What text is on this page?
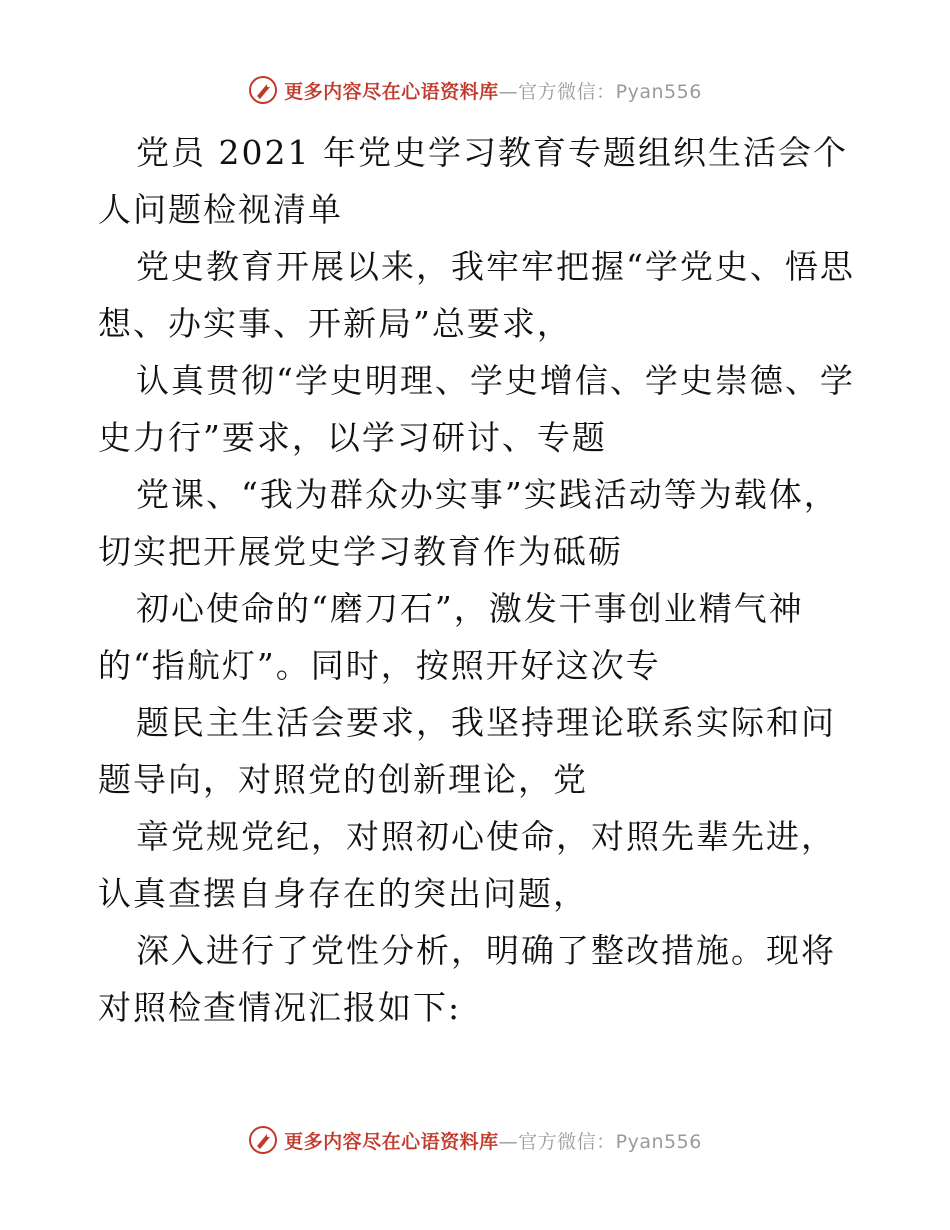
更多内容尽在心语资料库—官方微信：Pyan556

党员 2021 年党史学习教育专题组织生活会个人问题检视清单

党史教育开展以来，我牢牢把握“学党史、悟思想、办实事、开新局”总要求，

认真贯彻“学史明理、学史增信、学史崇德、学史力行”要求，以学习研讨、专题

党课、“我为群众办实事”实践活动等为载体，切实把开展党史学习教育作为砥砺

初心使命的“磨刀石”，激发干事创业精气神的“指航灯”。同时，按照开好这次专

题民主生活会要求，我坚持理论联系实际和问题导向，对照党的创新理论，党

章党规党纪，对照初心使命，对照先辈先进，认真查摆自身存在的突出问题，

深入进行了党性分析，明确了整改措施。现将对照检查情况汇报如下:

更多内容尽在心语资料库—官方微信：Pyan556
